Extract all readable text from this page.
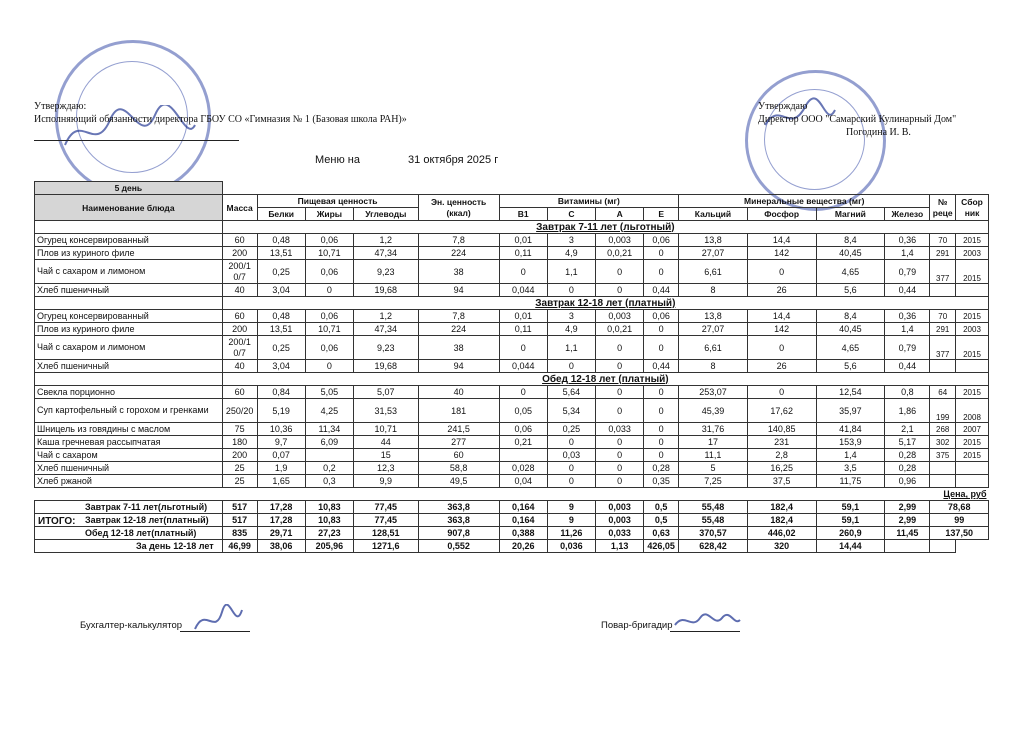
Утверждаю:
Исполняющий обязанности директора ГБОУ СО «Гимназия № 1 (Базовая школа РАН)»
Утверждаю
Директор ООО "Самарский Кулинарный Дом"
Погодина И. В.
Меню на	31 октября 2025 г
5 день															
Наименование блюда	Масса	Пищевая ценность			Эн. ценность (ккал)	Витамины (мг)				Минеральные вещества (мг)				№ реце	Сбор ник
		Белки	Жиры	Углеводы		B1	C	A	E	Кальций	Фосфор	Магний	Железо		
	Завтрак 7-11 лет (льготный)														
Огурец консервированный	60	0,48	0,06	1,2	7,8	0,01	3	0,003	0,06	13,8	14,4	8,4	0,36	70	2015
Плов из куриного филе	200	13,51	10,71	47,34	224	0,11	4,9	0,0,21	0	27,07	142	40,45	1,4	291	2003
Чай с сахаром и лимоном	200/10/7	0,25	0,06	9,23	38	0	1,1	0	0	6,61	0	4,65	0,79	377	2015
Хлеб пшеничный	40	3,04	0	19,68	94	0,044	0	0	0,44	8	26	5,6	0,44		
	Завтрак 12-18 лет (платный)														
Огурец консервированный	60	0,48	0,06	1,2	7,8	0,01	3	0,003	0,06	13,8	14,4	8,4	0,36	70	2015
Плов из куриного филе	200	13,51	10,71	47,34	224	0,11	4,9	0,0,21	0	27,07	142	40,45	1,4	291	2003
Чай с сахаром и лимоном	200/10/7	0,25	0,06	9,23	38	0	1,1	0	0	6,61	0	4,65	0,79	377	2015
Хлеб пшеничный	40	3,04	0	19,68	94	0,044	0	0	0,44	8	26	5,6	0,44		
	Обед 12-18 лет (платный)														
Свекла порционно	60	0,84	5,05	5,07	40	0	5,64	0	0	253,07	0	12,54	0,8	64	2015
Суп картофельный с горохом и гренками	250/20	5,19	4,25	31,53	181	0,05	5,34	0	0	45,39	17,62	35,97	1,86	199	2008
Шницель из говядины с маслом	75	10,36	11,34	10,71	241,5	0,06	0,25	0,033	0	31,76	140,85	41,84	2,1	268	2007
Каша гречневая рассыпчатая	180	9,7	6,09	44	277	0,21	0	0	0	17	231	153,9	5,17	302	2015
Чай с сахаром	200	0,07		15	60		0,03	0	0	11,1	2,8	1,4	0,28	375	2015
Хлеб пшеничный	25	1,9	0,2	12,3	58,8	0,028	0	0	0,28	5	16,25	3,5	0,28		
Хлеб ржаной	25	1,65	0,3	9,9	49,5	0,04	0	0	0,35	7,25	37,5	11,75	0,96		
														Цена, руб	

ИТОГО:
Завтрак 7-11 лет(льготный)	517	17,28	10,83	77,45	363,8	0,164	9	0,003	0,5	55,48	182,4	59,1	2,99	78,68	

Завтрак 12-18 лет(платный)	517	17,28	10,83	77,45	363,8	0,164	9	0,003	0,5	55,48	182,4	59,1	2,99	99	

Обед 12-18 лет(платный)	835	29,71	27,23	128,51	907,8	0,388	11,26	0,033	0,63	370,57	446,02	260,9	11,45	137,50	
За день 12-18 лет	46,99	38,06	205,96	1271,6	0,552	20,26	0,036	1,13	426,05	628,42	320	14,44			
Бухгалтер-калькулятор	Повар-бригадир
